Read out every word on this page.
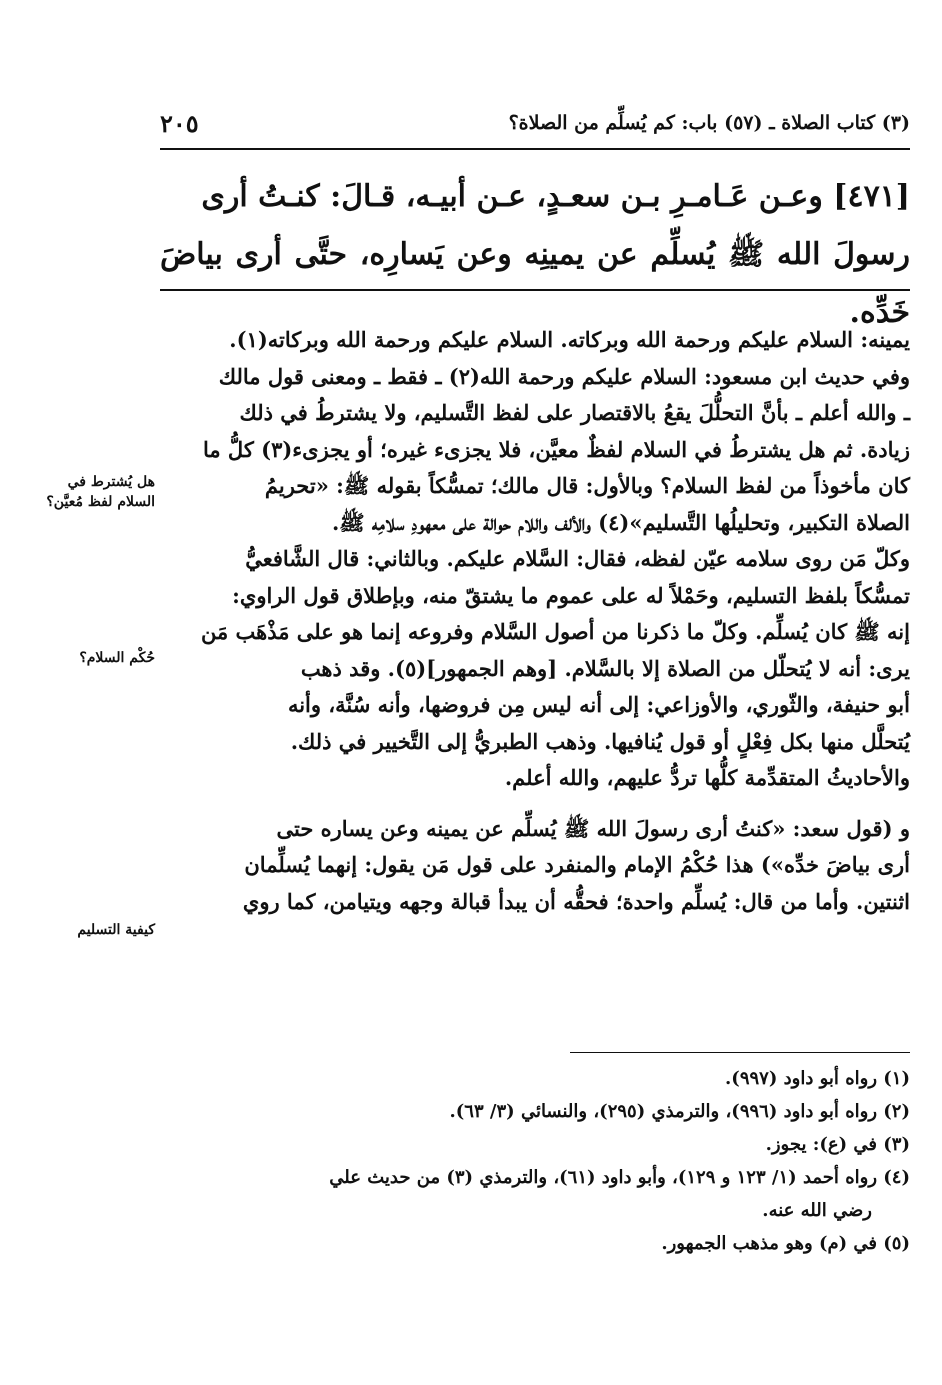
(٣) كتاب الصلاة ـ (٥٧) باب: كم يُسلِّم من الصلاة؟
٢٠٥

[٤٧١] وعـن عَـامـرِ بـن سعـدٍ، عـن أبيـه، قـالَ: كنـتُ أرى

رسولَ الله ﷺ يُسلِّم عن يمينِه وعن يَسارِه، حتَّى أرى بياضَ خَدِّه.

يمينه: السلام عليكم ورحمة الله وبركاته. السلام عليكم ورحمة الله وبركاته(١).

وفي حديث ابن مسعود: السلام عليكم ورحمة الله(٢) ـ فقط ـ ومعنى قول مالك

ـ والله أعلم ـ بأنَّ التحلُّلَ يقعُ بالاقتصار على لفظ التَّسليم، ولا يشترطُ في ذلك

زيادة. ثم هل يشترطُ في السلام لفظٌ معيَّن، فلا يجزىء غيره؛ أو يجزىء(٣) كلُّ ما

كان مأخوذاً من لفظ السلام؟ وبالأول: قال مالك؛ تمسُّكاً بقوله ﷺ: «تحريمُ

الصلاة التكبير، وتحليلُها التَّسليم»(٤) والألف واللام حوالة على معهودِ سلامِه ﷺ.

وكلّ مَن روى سلامه عيّن لفظه، فقال: السَّلام عليكم. وبالثاني: قال الشَّافعيُّ

تمسُّكاً بلفظ التسليم، وحَمْلاً له على عموم ما يشتقّ منه، وبإطلاق قول الراوي:

إنه ﷺ كان يُسلِّم. وكلّ ما ذكرنا من أصول السَّلام وفروعه إنما هو على مَذْهَب مَن

يرى: أنه لا يُتحلّل من الصلاة إلا بالسَّلام. [وهم الجمهور](٥). وقد ذهب

أبو حنيفة، والثّوري، والأوزاعي: إلى أنه ليس مِن فروضها، وأنه سُنَّة، وأنه

يُتحلَّل منها بكل فِعْلٍ أو قول يُنافيها. وذهب الطبريُّ إلى التَّخيير في ذلك.

والأحاديثُ المتقدِّمة كلُّها تردُّ عليهم، والله أعلم.

و (قول سعد: «كنتُ أرى رسولَ الله ﷺ يُسلِّم عن يمينه وعن يساره حتى

أرى بياضَ خدِّه») هذا حُكْمُ الإمام والمنفرد على قول مَن يقول: إنهما يُسلِّمان

اثنتين. وأما من قال: يُسلِّم واحدة؛ فحقُّه أن يبدأ قبالة وجهه ويتيامن، كما روي

هل يُشترط في السلام لفظ مُعيَّن؟
حُكْم السلام؟
كيفية التسليم

(١) رواه أبو داود (٩٩٧).

(٢) رواه أبو داود (٩٩٦)، والترمذي (٢٩٥)، والنسائي (٣/ ٦٣).

(٣) في (ع): يجوز.

(٤) رواه أحمد (١/ ١٢٣ و ١٢٩)، وأبو داود (٦١)، والترمذي (٣) من حديث علي

رضي الله عنه.

(٥) في (م) وهو مذهب الجمهور.
